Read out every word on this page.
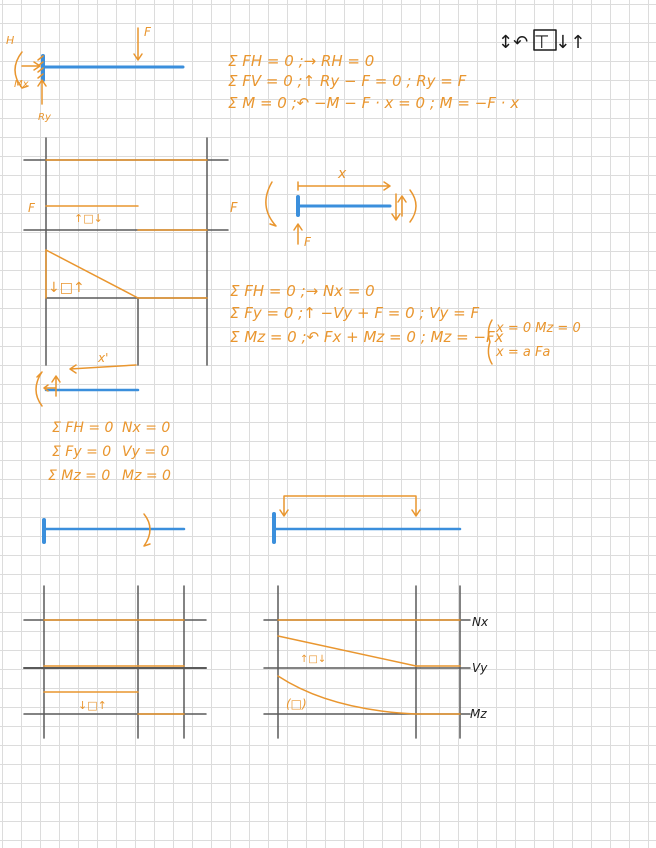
H
Mx
Ry
F	↕↶ ⊤ ↓↑
Σ FH = 0 ;→ RH = 0
Σ FV = 0 ;↑ Ry − F = 0 ; Ry = F
Σ M = 0 ;↶ −M − F · x = 0 ; M = −F · x
F
↑□↓
↓□↑
x'
F
x
F
Σ FH = 0 ;→ Nx = 0
Σ Fy = 0 ;↑ −Vy + F = 0 ; Vy = F
Σ Mz = 0 ;↶ Fx + Mz = 0 ; Mz = −Fx
x = 0 Mz = 0
x = a Fa
Σ FH = 0 Nx = 0
Σ Fy = 0 Vy = 0
Σ Mz = 0 Mz = 0
↓□↑
↑□↓
(□)
Nx
Vy
Mz
